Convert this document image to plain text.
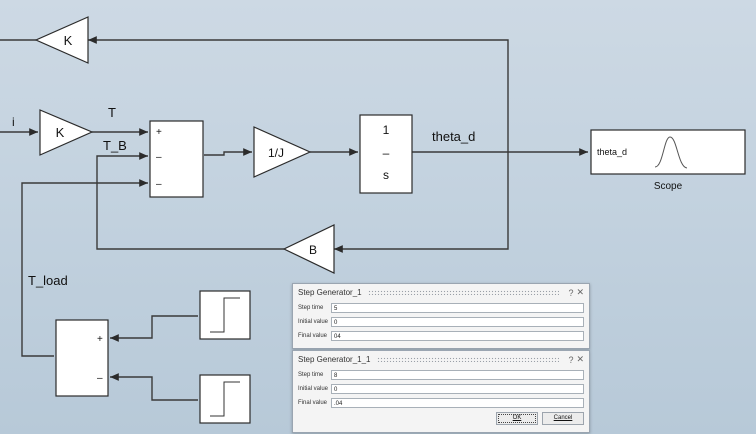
K
K	+
–
–
1/J
1
–
s
theta_d
Scope
B
+
–
i
T
T_B
theta_d
T_load
Step Generator_1	? ✕
Step time	5
Initial value 0
Final value	04
Step Generator_1_1	? ✕
Step time	8
Initial value 0
Final value	.04
OK	Cancel
